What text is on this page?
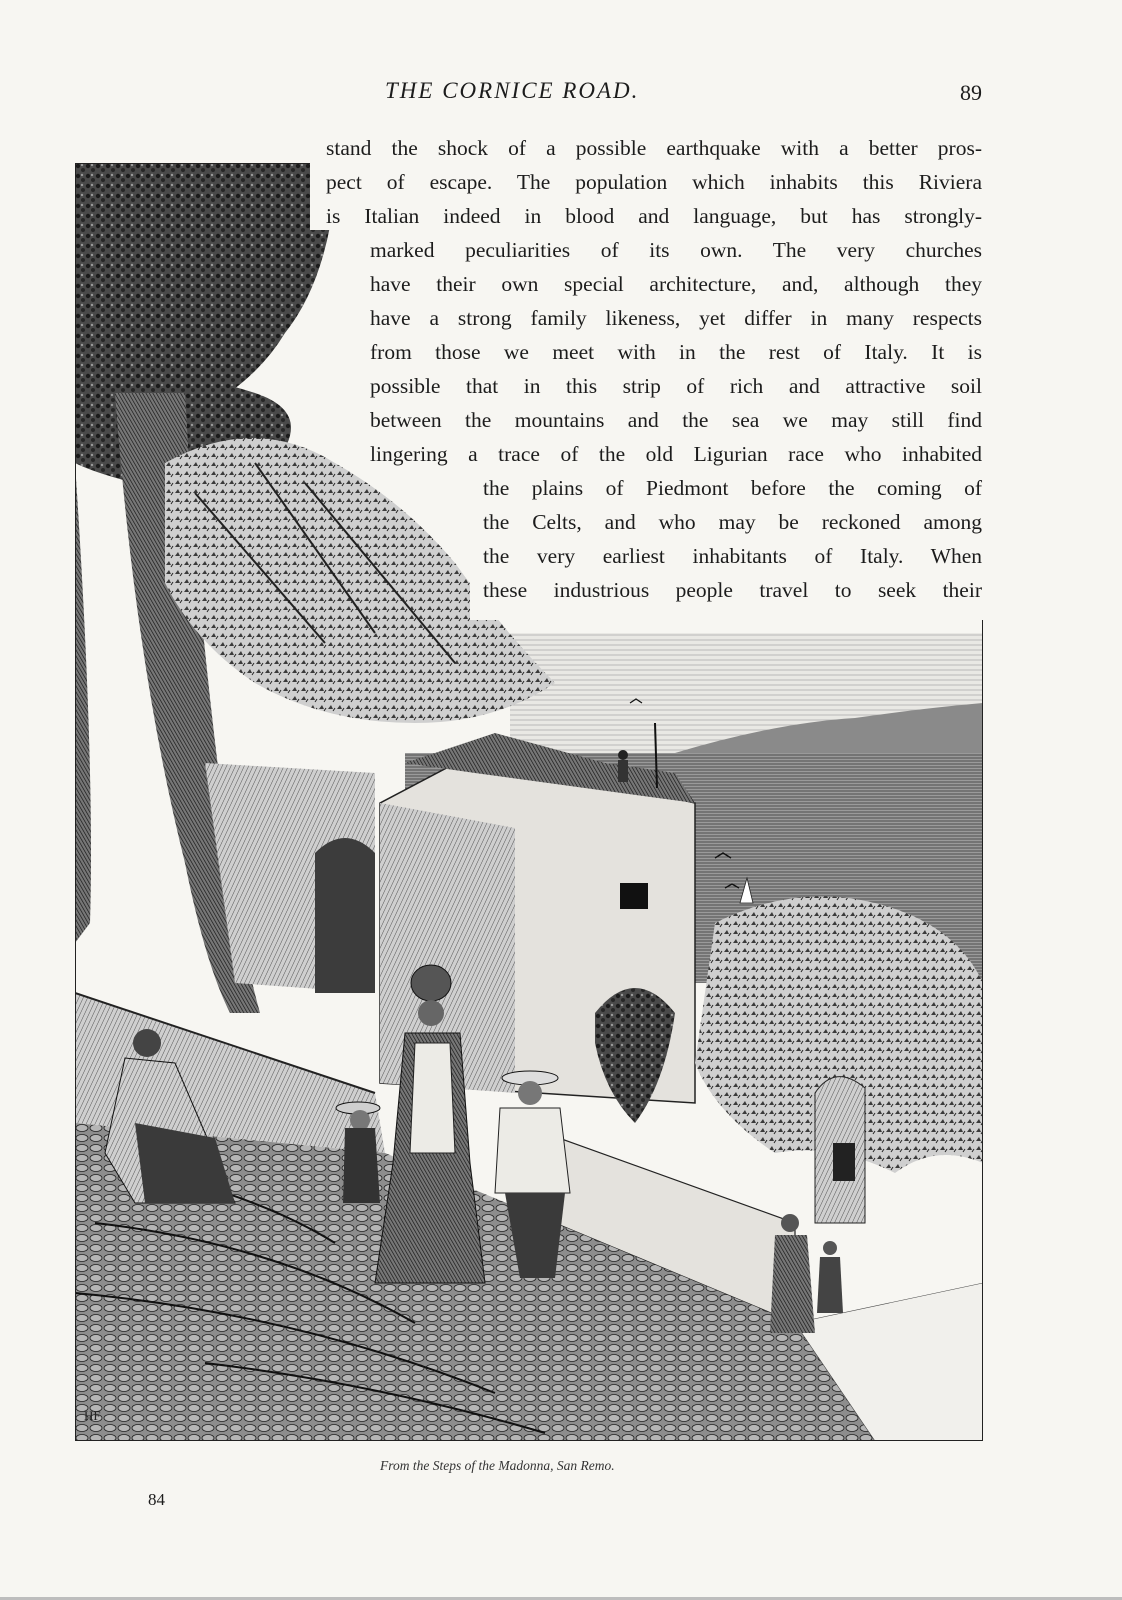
THE CORNICE ROAD.	89
stand the shock of a possible earthquake with a better pros-
pect of escape. The population which inhabits this Riviera
is Italian indeed in blood and language, but has strongly-
marked peculiarities of its own. The very churches
have their own special architecture, and, although they
have a strong family likeness, yet differ in many respects
from those we meet with in the rest of Italy. It is
possible that in this strip of rich and attractive soil
between the mountains and the sea we may still find
lingering a trace of the old Ligurian race who inhabited
the plains of Piedmont before the coming of
the Celts, and who may be reckoned among
the very earliest inhabitants of Italy. When
these industrious people travel to seek their
HF
From the Steps of the Madonna, San Remo.
84
